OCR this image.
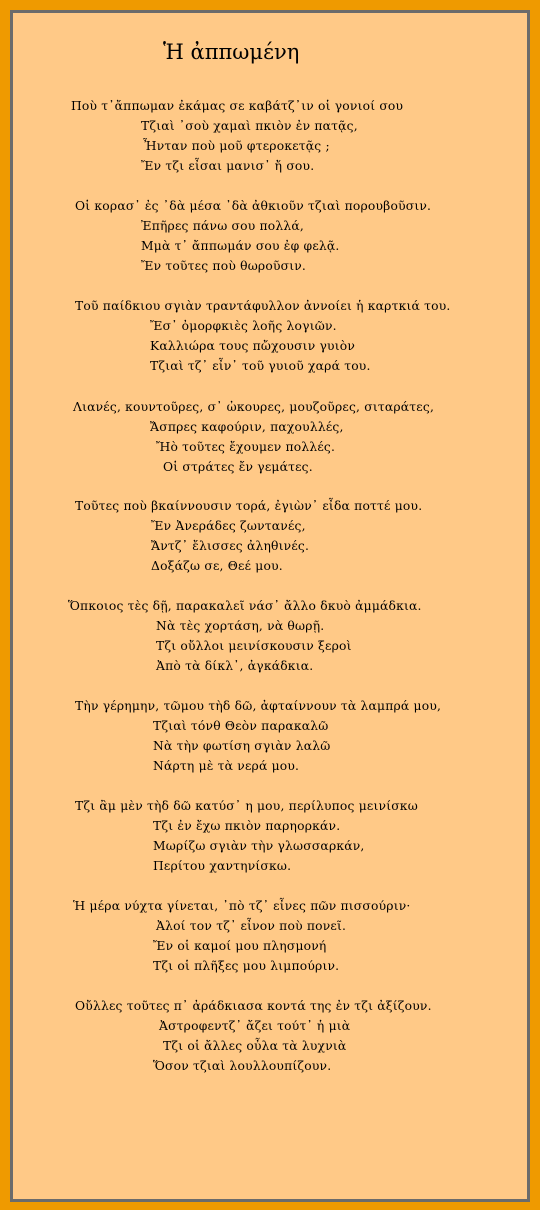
Ἡ ἀππωμένη
Ποὺ τ᾽ἄππωμαν ἐκάμας σε καβάτζ᾽ιν οἱ γονιοί σου
Τζιαὶ ᾽σοὺ χαμαὶ πκιὸν ἐν πατᾷς,
Ἦνταν ποὺ μοῦ φτεροκετᾷς ;
Ἔν τζι εἶσαι μανισ᾽ ἤ σου.
Οἱ κορασ᾽ ἐς ᾽δὰ μέσα ᾽δὰ ἀθκιοῦν τζιαὶ πορουβοῦσιν.
Ἐπῆρες πάνω σου πολλά,
Μμὰ τ᾽ ἄππωμάν σου ἐφ φελᾷ.
Ἔν τοῦτες ποὺ θωροῦσιν.
Τοῦ παίδκιου σγιὰν τραντάφυλλον ἀννοίει ἡ καρτκιά του.
Ἔσ᾽ ὀμορφκιὲς λοῆς λογιῶν.
Καλλιώρα τους πὤχουσιν γυιὸν
Τζιαὶ τζ᾽ εἶν᾽ τοῦ γυιοῦ χαρά του.
Λιανές, κουντοῦρες, σ᾽ ὠκουρες, μουζοῦρες, σιταράτες,
Ἄσπρες καφούριν, παχουλλές,
Ἤὸ τοῦτες ἔχουμεν πολλές.
Οἱ στράτες ἔν γεμάτες.
Τοῦτες ποὺ βκαίννουσιν τορά, ἐγιὼν᾽ εἶδα ποττέ μου.
Ἔν Ἀνεράδες ζωντανές,
Ἄντζ᾽ ἔλισσες ἀληθινές.
Δοξάζω σε, Θεέ μου.
Ὅπκοιος τὲς δῇ, παρακαλεῖ νάσ᾽ ἄλλο δκυὸ ἀμμάδκια.
Νὰ τὲς χορτάση, νὰ θωρῇ.
Τζι οὔλλοι μεινίσκουσιν ξεροὶ
Ἀπὸ τὰ δίκλ᾽, ἀγκάδκια.
Τὴν γέρημην, τῶμου τὴδ δῶ, ἀφταίννουν τὰ λαμπρά μου,
Τζιαὶ τόνθ Θεὸν παρακαλῶ
Νὰ τὴν φωτίση σγιὰν λαλῶ
Νάρτη μὲ τὰ νερά μου.
Τζι ἂμ μὲν τὴδ δῶ κατύσ᾽ η μου, περίλυπος μεινίσκω
Τζι ἐν ἔχω πκιὸν παρηορκάν.
Μωρίζω σγιὰν τὴν γλωσσαρκάν,
Περίτου χαντηνίσκω.
Ἡ μέρα νύχτα γίνεται, ᾽πὸ τζ᾽ εἶνες πῶν πισσούριν·
Ἀλοί τον τζ᾽ εἶνον ποὺ πονεῖ.
Ἔν οἱ καμοί μου πλησμονή
Τζι οἱ πλῆξες μου λιμπούριν.
Οὔλλες τοῦτες π᾽ ἀράδκιασα κοντά της ἐν τζι ἀξίζουν.
Ἀστροφεντζ᾽ ἄζει τούτ᾽ ἡ μιὰ
Τζι οἱ ἄλλες οὖλα τὰ λυχνιὰ
Ὅσον τζιαὶ λουλλουπίζουν.
